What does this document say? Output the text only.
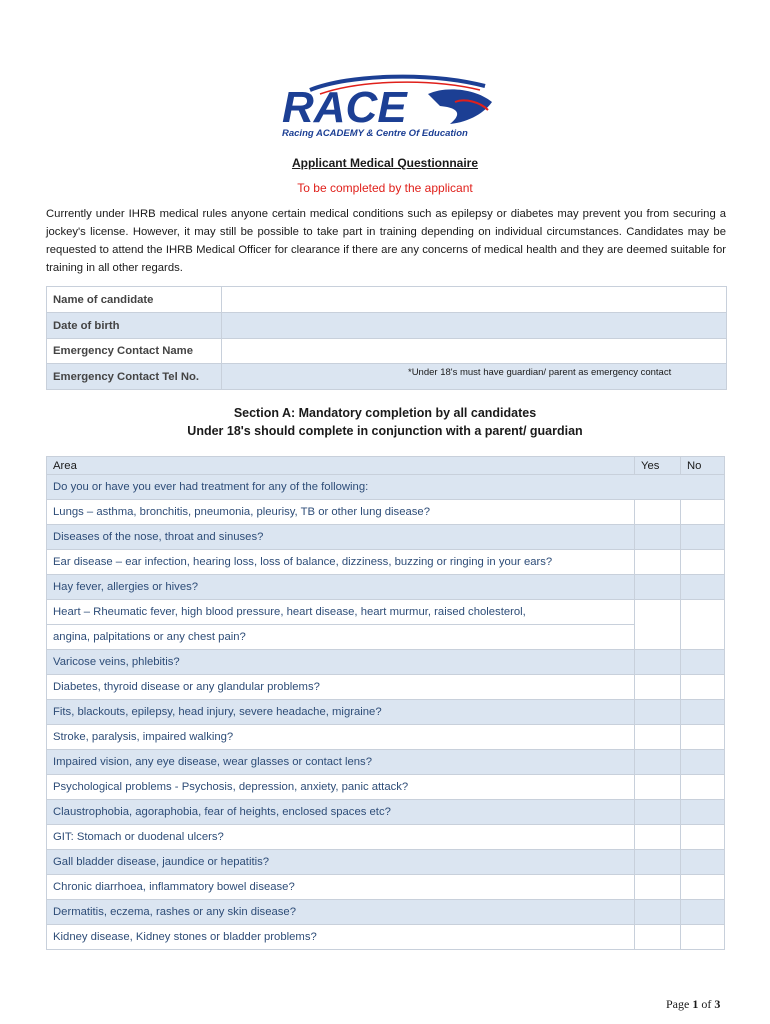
RACE
Racing ACADEMY & Centre Of Education
Applicant Medical Questionnaire
To be completed by the applicant
Currently under IHRB medical rules anyone certain medical conditions such as epilepsy or diabetes may prevent you from securing a jockey's license. However, it may still be possible to take part in training depending on individual circumstances. Candidates may be requested to attend the IHRB Medical Officer for clearance if there are any concerns of medical health and they are deemed suitable for training in all other regards.
Name of candidate	
Date of birth	
Emergency Contact Name	
Emergency Contact Tel No.	*Under 18's must have guardian/ parent as emergency contact
Section A: Mandatory completion by all candidates
Under 18's should complete in conjunction with a parent/ guardian
Area	Yes	No
Do you or have you ever had treatment for any of the following:		
Lungs – asthma, bronchitis, pneumonia, pleurisy, TB or other lung disease?		
Diseases of the nose, throat and sinuses?		
Ear disease – ear infection, hearing loss, loss of balance, dizziness, buzzing or ringing in your ears?		
Hay fever, allergies or hives?		
Heart – Rheumatic fever, high blood pressure, heart disease, heart murmur, raised cholesterol,		
angina, palpitations or any chest pain?		
Varicose veins, phlebitis?		
Diabetes, thyroid disease or any glandular problems?		
Fits, blackouts, epilepsy, head injury, severe headache, migraine?		
Stroke, paralysis, impaired walking?		
Impaired vision, any eye disease, wear glasses or contact lens?		
Psychological problems - Psychosis, depression, anxiety, panic attack?		
Claustrophobia, agoraphobia, fear of heights, enclosed spaces etc?		
GIT: Stomach or duodenal ulcers?		
Gall bladder disease, jaundice or hepatitis?		
Chronic diarrhoea, inflammatory bowel disease?		
Dermatitis, eczema, rashes or any skin disease?		
Kidney disease, Kidney stones or bladder problems?		
Page 1 of 3
